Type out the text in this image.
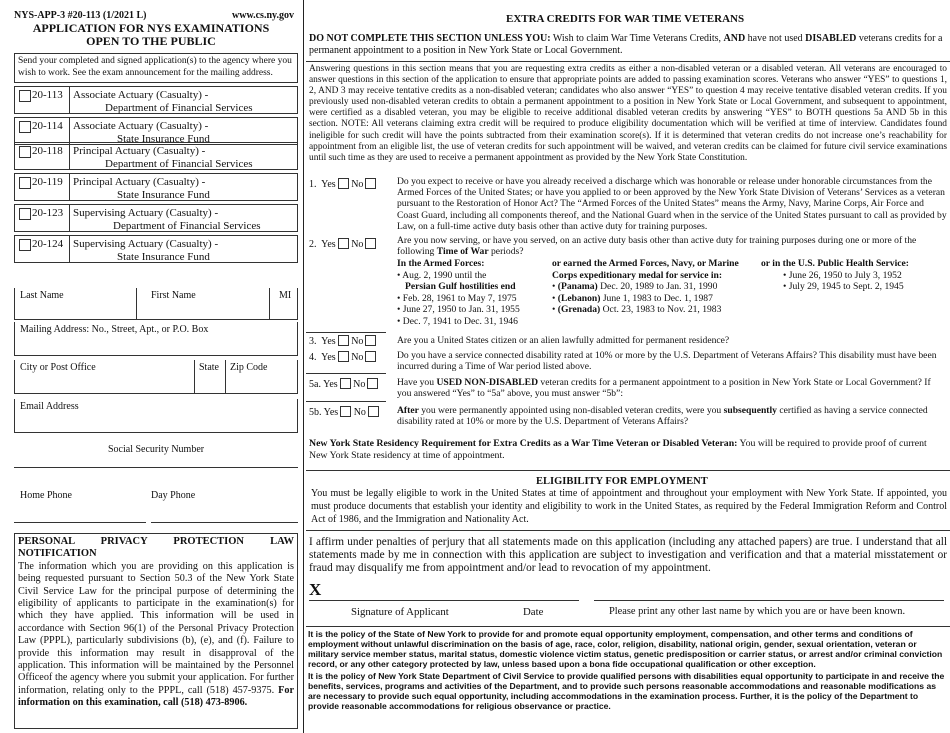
NYS-APP-3 #20-113 (1/2021 L)	www.cs.ny.gov
APPLICATION FOR NYS EXAMINATIONS
OPEN TO THE PUBLIC
Send your completed and signed application(s) to the agency where you wish to work. See the exam announcement for the mailing address.
20-113 Associate Actuary (Casualty) -
Department of Financial Services
20-114 Associate Actuary (Casualty) -
State Insurance Fund
20-118 Principal Actuary (Casualty) -
Department of Financial Services
20-119 Principal Actuary (Casualty) -
State Insurance Fund
20-123 Supervising Actuary (Casualty) -
Department of Financial Services
20-124 Supervising Actuary (Casualty) -
State Insurance Fund
Last Name	First Name	MI
Mailing Address: No., Street, Apt., or P.O. Box
City or Post Office	State Zip Code
Email Address
Social Security Number
Home Phone	Day Phone
PERSONAL PRIVACY PROTECTION LAW NOTIFICATION
The information which you are providing on this application is being requested pursuant to Section 50.3 of the New York State Civil Service Law for the principal purpose of determining the eligibility of applicants to participate in the examination(s) for which they have applied. This information will be used in accordance with Section 96(1) of the Personal Privacy Protection Law (PPPL), particularly subdivisions (b), (e), and (f). Failure to provide this information may result in disapproval of the application. This information will be maintained by the Personnel Officeof the agency where you submit your application. For further information, relating only to the PPPL, call (518) 457-9375. For information on this examination, call (518) 473-8906.
EXTRA CREDITS FOR WAR TIME VETERANS
DO NOT COMPLETE THIS SECTION UNLESS YOU: Wish to claim War Time Veterans Credits, AND have not used DISABLED veterans credits for a permanent appointment to a position in New York State or Local Government.
Answering questions in this section means that you are requesting extra credits as either a non-disabled veteran or a disabled veteran. All veterans are encouraged to answer questions in this section of the application to ensure that appropriate points are added to passing examination scores. Veterans who answer “YES” to questions 1, 2, AND 3 may receive tentative credits as a non-disabled veteran; candidates who also answer “YES” to question 4 may receive tentative disabled veteran credits. If you previously used non-disabled veteran credits to obtain a permanent appointment to a position in New York State or Local Government, and subsequent to appointment, were certified as a disabled veteran, you may be eligible to receive additional disabled veteran credits by answering “YES” to BOTH questions 5a AND 5b in this section. NOTE: All veterans claiming extra credit will be required to produce eligibility documentation which will be verified at time of interview. Candidates found ineligible for such credit will have the points subtracted from their examination score(s). If it is determined that veteran credits do not increase one’s reachability for appointment from an eligible list, the use of veteran credits for such appointment will be waived, and veteran credits can be claimed for future civil service examinations until such time as they are used to receive a permanent appointment as provided by the New York State Constitution.
1. Yes No	Do you expect to receive or have you already received a discharge which was honorable or release under honorable circumstances from the Armed Forces of the United States; or have you applied to or been approved by the New York State Division of Veterans’ Services as a veteran pursuant to the Restoration of Honor Act? The “Armed Forces of the United States” means the Army, Navy, Marine Corps, Air Force and Coast Guard, including all components thereof, and the National Guard when in the service of the United States pursuant to call as provided by Law, on a full-time active duty basis other than active duty for training purposes.
2. Yes No	Are you now serving, or have you served, on an active duty basis other than active duty for training purposes during one or more of the following Time of War periods?
In the Armed Forces:
• Aug. 2, 1990 until the
Persian Gulf hostilities end
• Feb. 28, 1961 to May 7, 1975
• June 27, 1950 to Jan. 31, 1955
• Dec. 7, 1941 to Dec. 31, 1946
or earned the Armed Forces, Navy, or Marine
Corps expeditionary medal for service in:
• (Panama) Dec. 20, 1989 to Jan. 31, 1990
• (Lebanon) June 1, 1983 to Dec. 1, 1987
• (Grenada) Oct. 23, 1983 to Nov. 21, 1983
or in the U.S. Public Health Service:
• June 26, 1950 to July 3, 1952
• July 29, 1945 to Sept. 2, 1945
3. Yes No	Are you a United States citizen or an alien lawfully admitted for permanent residence?
4. Yes No	Do you have a service connected disability rated at 10% or more by the U.S. Department of Veterans Affairs? This disability must have been incurred during a Time of War period listed above.
5a. Yes No	Have you USED NON-DISABLED veteran credits for a permanent appointment to a position in New York State or Local Government? If you answered “Yes” to “5a” above, you must answer “5b”:
5b. Yes No	After you were permanently appointed using non-disabled veteran credits, were you subsequently certified as having a service connected disability rated at 10% or more by the U.S. Department of Veterans Affairs?
New York State Residency Requirement for Extra Credits as a War Time Veteran or Disabled Veteran: You will be required to provide proof of current New York State residency at time of appointment.
ELIGIBILITY FOR EMPLOYMENT
You must be legally eligible to work in the United States at time of appointment and throughout your employment with New York State. If appointed, you must produce documents that establish your identity and eligibility to work in the United States, as required by the Federal Immigration Reform and Control Act of 1986, and the Immigration and Nationality Act.
I affirm under penalties of perjury that all statements made on this application (including any attached papers) are true. I understand that all statements made by me in connection with this application are subject to investigation and verification and that a material misstatement or fraud may disqualify me from appointment and/or lead to revocation of my appointment.
X
Signature of Applicant	Date	Please print any other last name by which you are or have been known.
It is the policy of the State of New York to provide for and promote equal opportunity employment, compensation, and other terms and conditions of employment without unlawful discrimination on the basis of age, race, color, religion, disability, national origin, gender, sexual orientation, veteran or military service member status, marital status, domestic violence victim status, genetic predisposition or carrier status, or arrest and/or criminal conviction record, or any other category protected by law, unless based upon a bona fide occupational qualification or other exception.
It is the policy of New York State Department of Civil Service to provide qualified persons with disabilities equal opportunity to participate in and receive the benefits, services, programs and activities of the Department, and to provide such persons reasonable accommodations and reasonable modifications as are necessary to provide such equal opportunity, including accommodations in the examination process. Further, it is the policy of the Department to provide reasonable accommodations for religious observance or practice.
